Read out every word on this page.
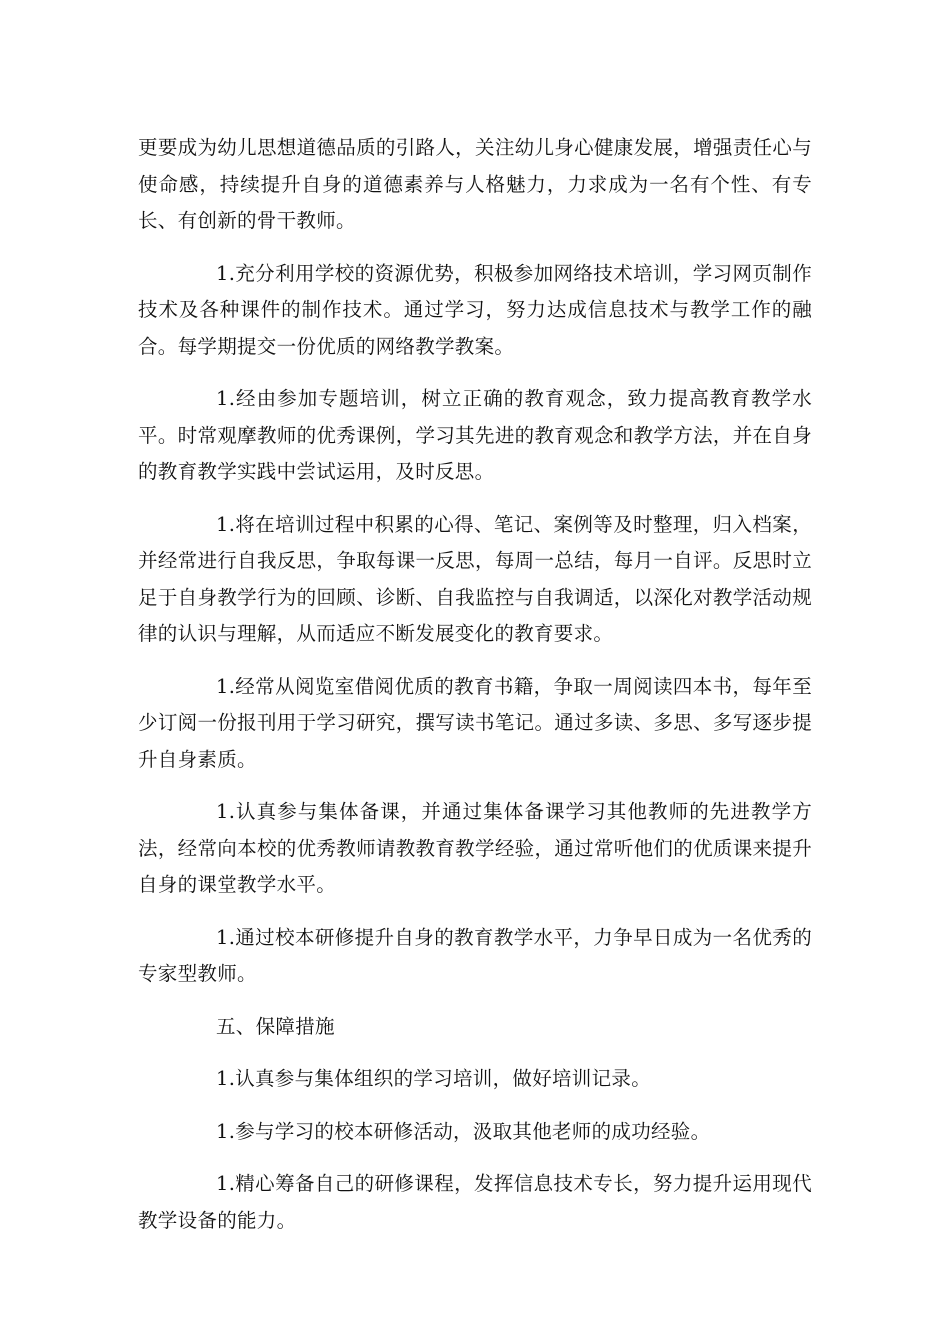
更要成为幼儿思想道德品质的引路人，关注幼儿身心健康发展，增强责任心与使命感，持续提升自身的道德素养与人格魅力，力求成为一名有个性、有专长、有创新的骨干教师。

1.充分利用学校的资源优势，积极参加网络技术培训，学习网页制作技术及各种课件的制作技术。通过学习，努力达成信息技术与教学工作的融合。每学期提交一份优质的网络教学教案。

1.经由参加专题培训，树立正确的教育观念，致力提高教育教学水平。时常观摩教师的优秀课例，学习其先进的教育观念和教学方法，并在自身的教育教学实践中尝试运用，及时反思。

1.将在培训过程中积累的心得、笔记、案例等及时整理，归入档案，并经常进行自我反思，争取每课一反思，每周一总结，每月一自评。反思时立足于自身教学行为的回顾、诊断、自我监控与自我调适，以深化对教学活动规律的认识与理解，从而适应不断发展变化的教育要求。

1.经常从阅览室借阅优质的教育书籍，争取一周阅读四本书，每年至少订阅一份报刊用于学习研究，撰写读书笔记。通过多读、多思、多写逐步提升自身素质。

1.认真参与集体备课，并通过集体备课学习其他教师的先进教学方法，经常向本校的优秀教师请教教育教学经验，通过常听他们的优质课来提升自身的课堂教学水平。

1.通过校本研修提升自身的教育教学水平，力争早日成为一名优秀的专家型教师。

五、保障措施

1.认真参与集体组织的学习培训，做好培训记录。

1.参与学习的校本研修活动，汲取其他老师的成功经验。

1.精心筹备自己的研修课程，发挥信息技术专长，努力提升运用现代教学设备的能力。
